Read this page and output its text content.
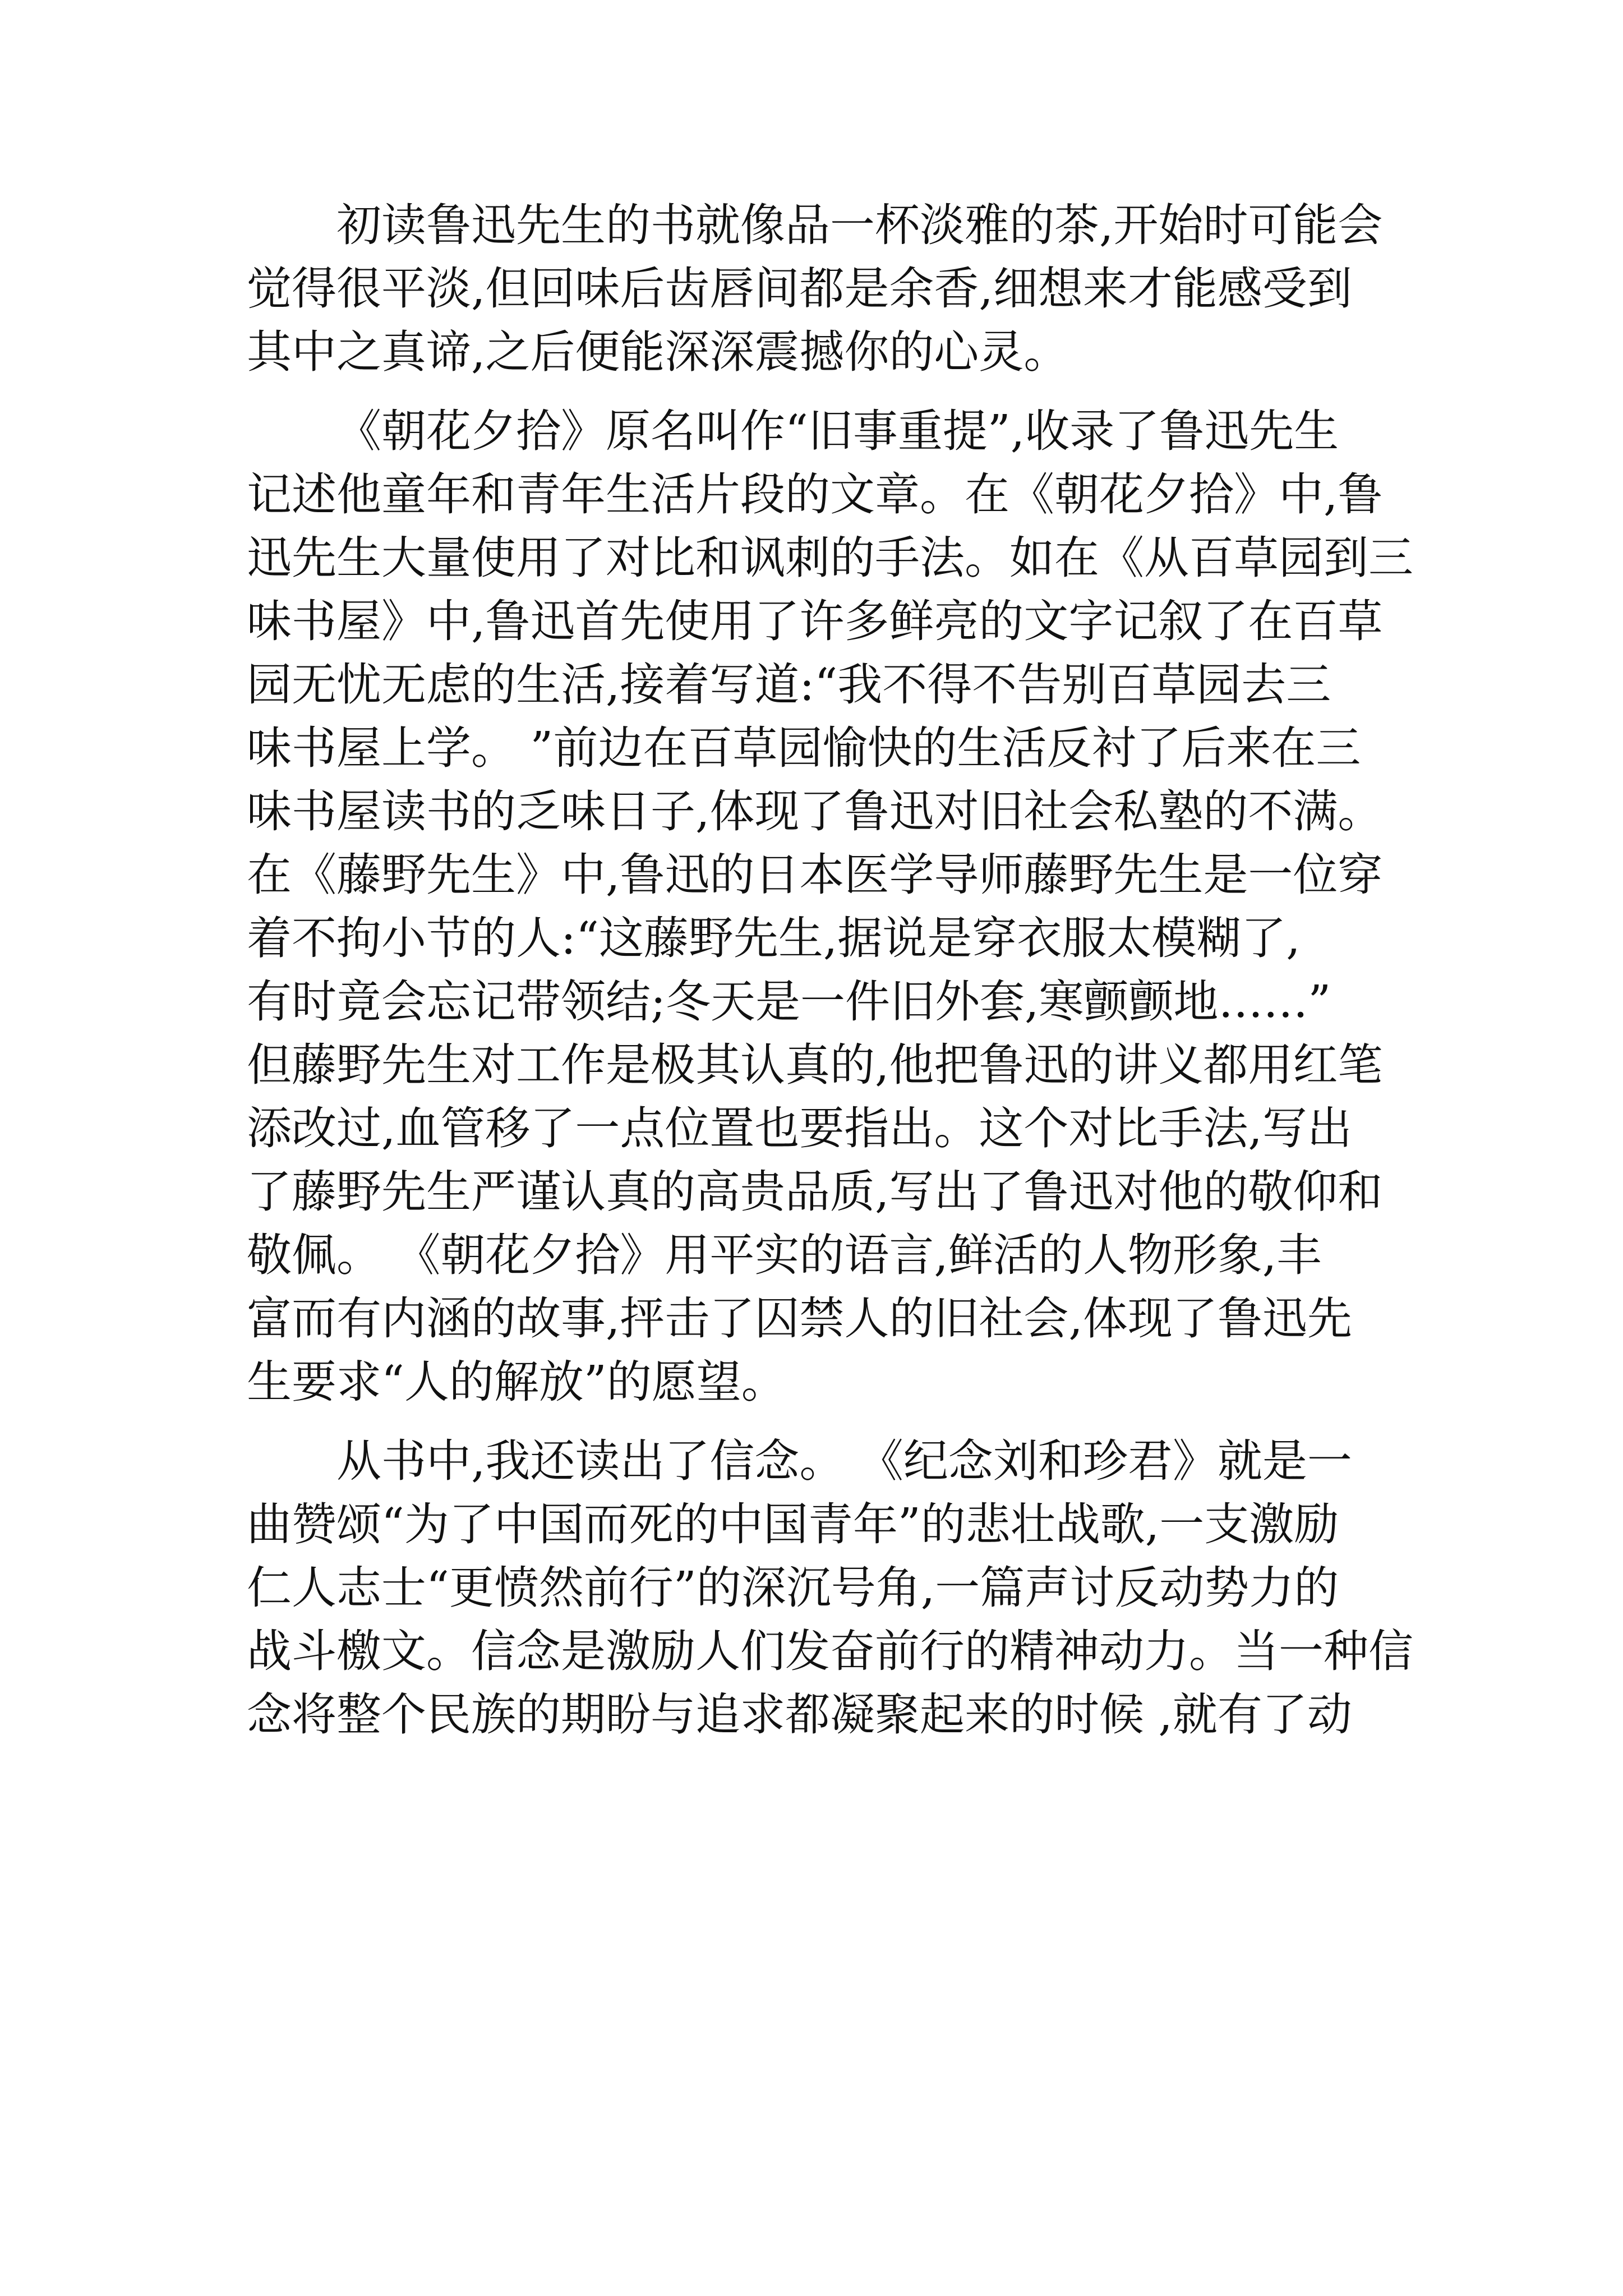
初读鲁迅先生的书就像品一杯淡雅的茶,开始时可能会
觉得很平淡,但回味后齿唇间都是余香,细想来才能感受到
其中之真谛,之后便能深深震撼你的心灵。

《朝花夕拾》原名叫作“旧事重提”,收录了鲁迅先生
记述他童年和青年生活片段的文章。在《朝花夕拾》中,鲁
迅先生大量使用了对比和讽刺的手法。如在《从百草园到三
味书屋》中,鲁迅首先使用了许多鲜亮的文字记叙了在百草
园无忧无虑的生活,接着写道:“我不得不告别百草园去三
味书屋上学。 ”前边在百草园愉快的生活反衬了后来在三
味书屋读书的乏味日子,体现了鲁迅对旧社会私塾的不满。
在《藤野先生》中,鲁迅的日本医学导师藤野先生是一位穿
着不拘小节的人:“这藤野先生,据说是穿衣服太模糊了,
有时竟会忘记带领结;冬天是一件旧外套,寒颤颤地……”
但藤野先生对工作是极其认真的,他把鲁迅的讲义都用红笔
添改过,血管移了一点位置也要指出。这个对比手法,写出
了藤野先生严谨认真的高贵品质,写出了鲁迅对他的敬仰和
敬佩。 《朝花夕拾》用平实的语言,鲜活的人物形象,丰
富而有内涵的故事,抨击了囚禁人的旧社会,体现了鲁迅先
生要求“人的解放”的愿望。

从书中,我还读出了信念。 《纪念刘和珍君》就是一
曲赞颂“为了中国而死的中国青年”的悲壮战歌,一支激励
仁人志士“更愤然前行”的深沉号角,一篇声讨反动势力的
战斗檄文。信念是激励人们发奋前行的精神动力。当一种信
念将整个民族的期盼与追求都凝聚起来的时候 ,就有了动
